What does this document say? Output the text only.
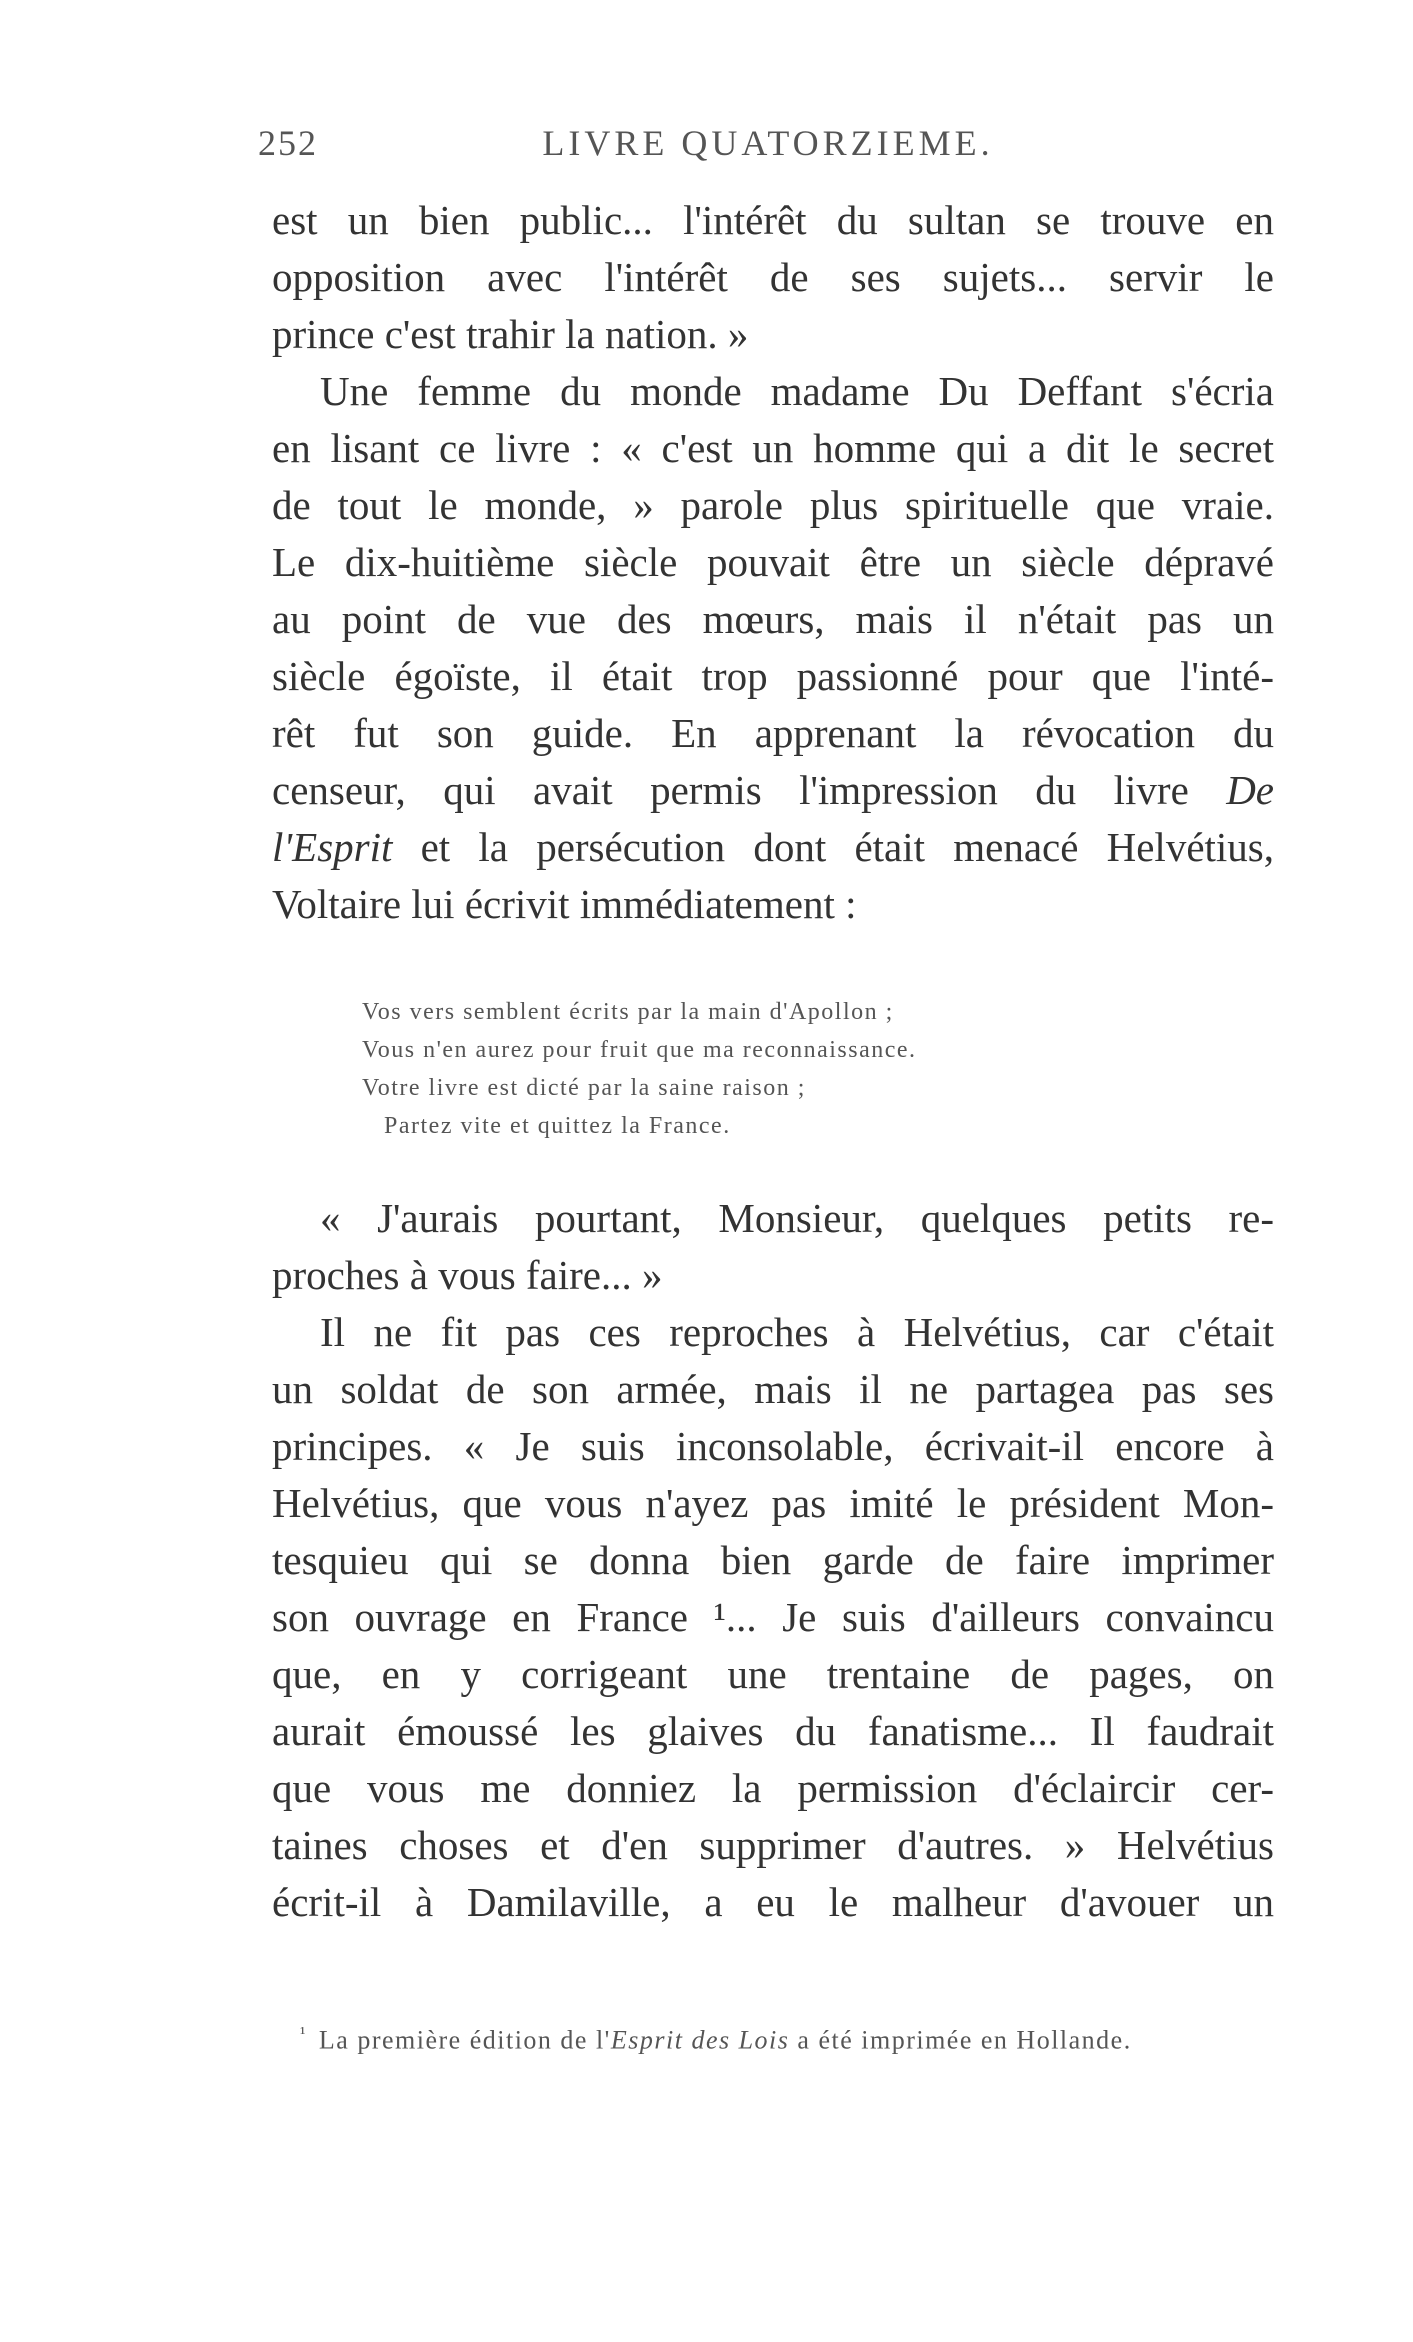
252	LIVRE QUATORZIEME.
est un bien public... l'intérêt du sultan se trouve en
opposition avec l'intérêt de ses sujets... servir le
prince c'est trahir la nation. »
Une femme du monde madame Du Deffant s'écria
en lisant ce livre : « c'est un homme qui a dit le secret
de tout le monde, » parole plus spirituelle que vraie.
Le dix-huitième siècle pouvait être un siècle dépravé
au point de vue des mœurs, mais il n'était pas un
siècle égoïste, il était trop passionné pour que l'inté-
rêt fut son guide. En apprenant la révocation du
censeur, qui avait permis l'impression du livre De
l'Esprit et la persécution dont était menacé Helvétius,
Voltaire lui écrivit immédiatement :
Vos vers semblent écrits par la main d'Apollon ;
Vous n'en aurez pour fruit que ma reconnaissance.
Votre livre est dicté par la saine raison ;
Partez vite et quittez la France.
« J'aurais pourtant, Monsieur, quelques petits re-
proches à vous faire... »
Il ne fit pas ces reproches à Helvétius, car c'était
un soldat de son armée, mais il ne partagea pas ses
principes. « Je suis inconsolable, écrivait-il encore à
Helvétius, que vous n'ayez pas imité le président Mon-
tesquieu qui se donna bien garde de faire imprimer
son ouvrage en France ¹... Je suis d'ailleurs convaincu
que, en y corrigeant une trentaine de pages, on
aurait émoussé les glaives du fanatisme... Il faudrait
que vous me donniez la permission d'éclaircir cer-
taines choses et d'en supprimer d'autres. » Helvétius
écrit-il à Damilaville, a eu le malheur d'avouer un
$^{^1}$ La première édition de l'Esprit des Lois a été imprimée en Hollande.
